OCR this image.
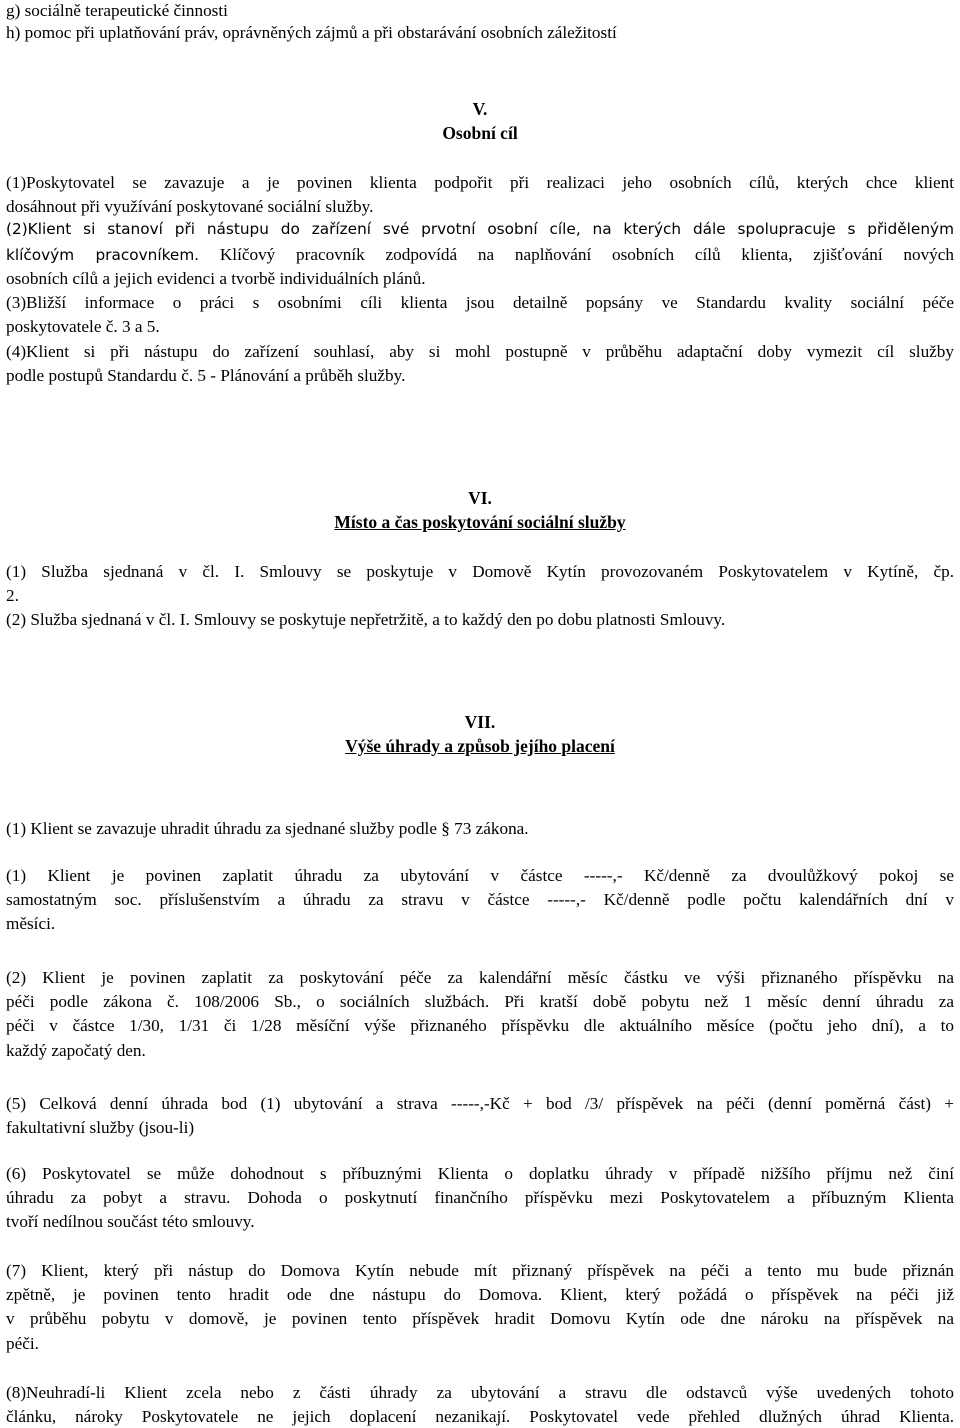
g) sociálně terapeutické činnosti
h) pomoc při uplatňování práv, oprávněných zájmů a při obstarávání osobních záležitostí
V.
Osobní cíl
(1)Poskytovatel se zavazuje a je povinen klienta podpořit při realizaci jeho osobních cílů, kterých chce klient
dosáhnout při využívání poskytované sociální služby.
(2)Klient si stanoví při nástupu do zařízení své prvotní osobní cíle, na kterých dále spolupracuje s přiděleným
klíčovým pracovníkem. Klíčový pracovník zodpovídá na naplňování osobních cílů klienta, zjišťování nových
osobních cílů a jejich evidenci a tvorbě individuálních plánů.
(3)Bližší informace o práci s osobními cíli klienta jsou detailně popsány ve Standardu kvality sociální péče
poskytovatele č. 3 a 5.
(4)Klient si při nástupu do zařízení souhlasí, aby si mohl postupně v průběhu adaptační doby vymezit cíl služby
podle postupů Standardu č. 5 - Plánování a průběh služby.
VI.
Místo a čas poskytování sociální služby
(1) Služba sjednaná v čl. I. Smlouvy se poskytuje v Domově Kytín provozovaném Poskytovatelem v Kytíně, čp.
2.
(2) Služba sjednaná v čl. I. Smlouvy se poskytuje nepřetržitě, a to každý den po dobu platnosti Smlouvy.
VII.
Výše úhrady a způsob jejího placení
(1) Klient se zavazuje uhradit úhradu za sjednané služby podle § 73 zákona.
(1) Klient je povinen zaplatit úhradu za ubytování v částce -----,- Kč/denně za dvoulůžkový pokoj se
samostatným soc. příslušenstvím a úhradu za stravu v částce -----,- Kč/denně podle počtu kalendářních dní v
měsíci.
(2) Klient je povinen zaplatit za poskytování péče za kalendářní měsíc částku ve výši přiznaného příspěvku na
péči podle zákona č. 108/2006 Sb., o sociálních službách. Při kratší době pobytu než 1 měsíc denní úhradu za
péči v částce 1/30, 1/31 či 1/28 měsíční výše přiznaného příspěvku dle aktuálního měsíce (počtu jeho dní), a to
každý započatý den.
(5) Celková denní úhrada bod (1) ubytování a strava -----,-Kč + bod /3/ příspěvek na péči (denní poměrná část) +
fakultativní služby (jsou-li)
(6) Poskytovatel se může dohodnout s příbuznými Klienta o doplatku úhrady v případě nižšího příjmu než činí
úhradu za pobyt a stravu. Dohoda o poskytnutí finančního příspěvku mezi Poskytovatelem a příbuzným Klienta
tvoří nedílnou součást této smlouvy.
(7) Klient, který při nástup do Domova Kytín nebude mít přiznaný příspěvek na péči a tento mu bude přiznán
zpětně, je povinen tento hradit ode dne nástupu do Domova. Klient, který požádá o příspěvek na péči již
v průběhu pobytu v domově, je povinen tento příspěvek hradit Domovu Kytín ode dne nároku na příspěvek na
péči.
(8)Neuhradí-li Klient zcela nebo z části úhrady za ubytování a stravu dle odstavců výše uvedených tohoto
článku, nároky Poskytovatele ne jejich doplacení nezanikají. Poskytovatel vede přehled dlužných úhrad Klienta.
